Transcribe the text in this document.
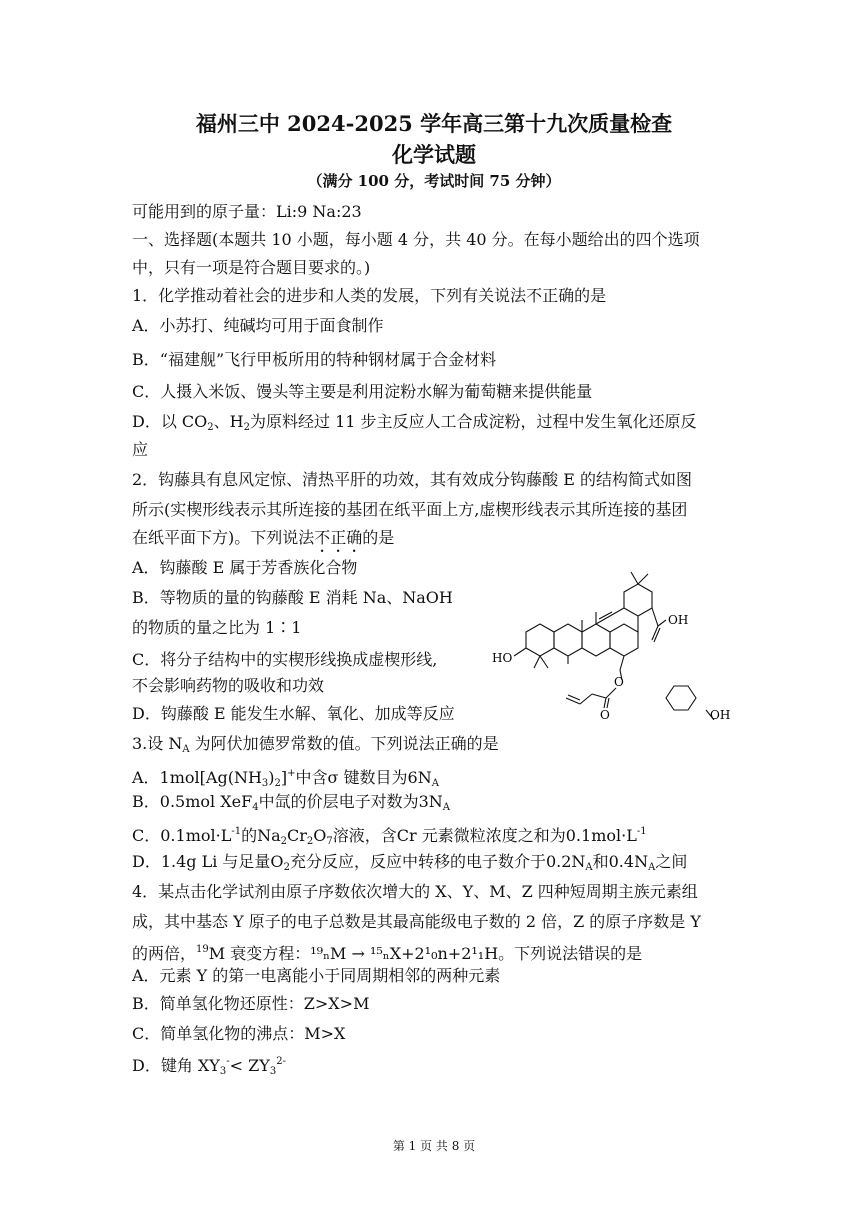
福州三中 2024-2025 学年高三第十九次质量检查
化学试题
（满分 100 分，考试时间 75 分钟）
可能用到的原子量：Li:9 Na:23
一、选择题(本题共 10 小题，每小题 4 分，共 40 分。在每小题给出的四个选项
中，只有一项是符合题目要求的。)
1．化学推动着社会的进步和人类的发展，下列有关说法不正确的是
A．小苏打、纯碱均可用于面食制作
B．“福建舰”飞行甲板所用的特种钢材属于合金材料
C．人摄入米饭、馒头等主要是利用淀粉水解为葡萄糖来提供能量
D．以 $CO_2$、$H_2$为原料经过 11 步主反应人工合成淀粉，过程中发生氧化还原反
应
2．钩藤具有息风定惊、清热平肝的功效，其有效成分钩藤酸 E 的结构简式如图
所示(实楔形线表示其所连接的基团在纸平面上方,虚楔形线表示其所连接的基团
在纸平面下方)。下列说法不正确的是
A．钩藤酸 E 属于芳香族化合物
B．等物质的量的钩藤酸 E 消耗 Na、NaOH
的物质的量之比为 1∶1
C．将分子结构中的实楔形线换成虚楔形线,
不会影响药物的吸收和功效
D．钩藤酸 E 能发生水解、氧化、加成等反应
OH
HO
O
O	OH
3.设 $N_A$ 为阿伏加德罗常数的值。下列说法正确的是
A．$1mol[Ag(NH_3)_2]^+$中含σ 键数目为$6N_A$
B．0.5mol XeF$_4$中氙的价层电子对数为$3N_A$
C．$0.1mol\cdot L^{-1}$的$Na_2Cr_2O_7$溶液，含Cr 元素微粒浓度之和为$0.1mol\cdot L^{-1}$
D．1.4g Li 与足量$O_2$充分反应，反应中转移的电子数介于$0.2N_A$和$0.4N_A$之间
4．某点击化学试剂由原子序数依次增大的 X、Y、M、Z 四种短周期主族元素组
成，其中基态 Y 原子的电子总数是其最高能级电子数的 2 倍，Z 的原子序数是 Y
的两倍，$^{19}$M 衰变方程：¹⁹ₙM → ¹⁵ₙX+2¹₀n+2¹₁H。下列说法错误的是
A．元素 Y 的第一电离能小于同周期相邻的两种元素
B．简单氢化物还原性：Z>X>M
C．简单氢化物的沸点：M>X
D．键角 $XY_3^-< ZY_3^{2-}$
第 1 页 共 8 页
